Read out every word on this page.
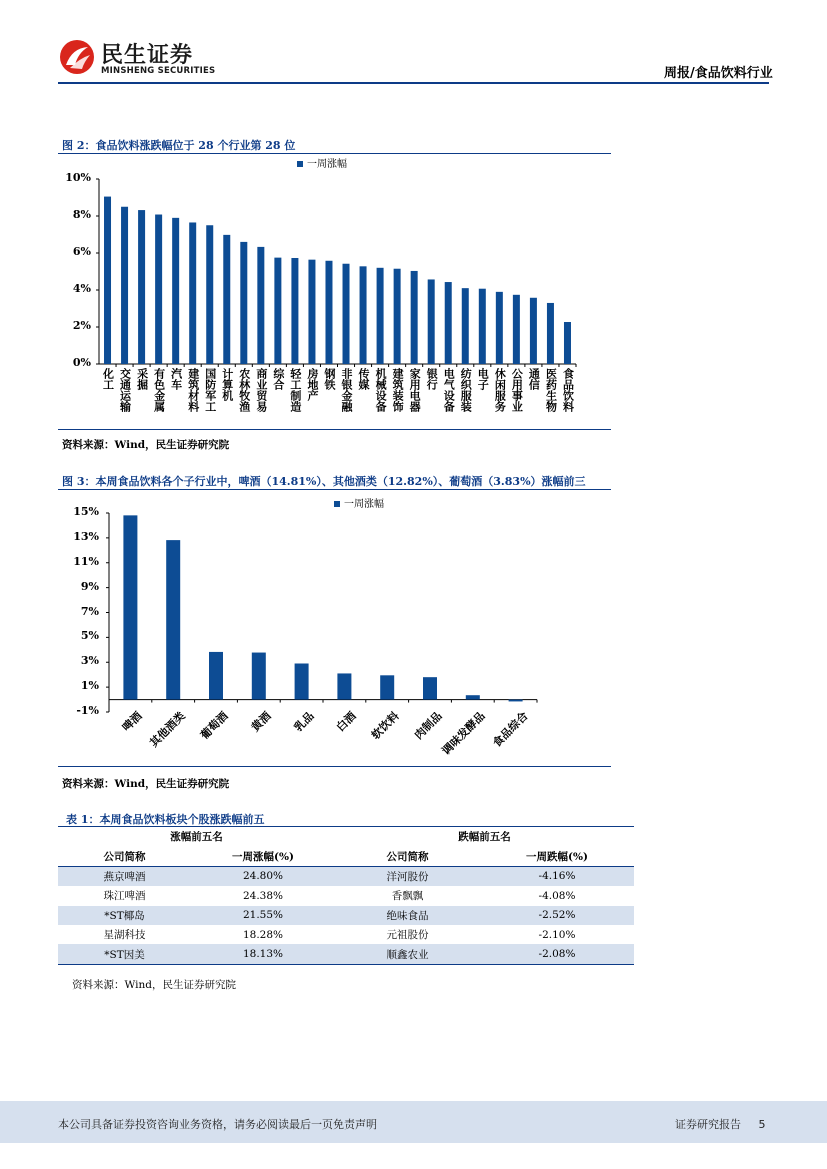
民生证券
MINSHENG SECURITIES	周报/食品饮料行业
图 2：食品饮料涨跌幅位于 28 个行业第 28 位
一周涨幅
0%
2%
4%
6%
8%
10%
化工 交通运输 采掘 有色金属 汽车 建筑材料 国防军工 计算机 农林牧渔 商业贸易 综合 轻工制造 房地产 钢铁 非银金融 传媒 机械设备 建筑装饰 家用电器 银行 电气设备 纺织服装 电子 休闲服务 公用事业 通信 医药生物 食品饮料
资料来源：Wind，民生证券研究院
图 3：本周食品饮料各个子行业中，啤酒（14.81%）、其他酒类（12.82%）、葡萄酒（3.83%）涨幅前三
一周涨幅
-1%
1%
3%
5%
7%
9%
11%
13%
15%
啤酒 其他酒类 葡萄酒 黄酒 乳品 白酒 软饮料 肉制品
调味发酵品 食品综合
资料来源：Wind，民生证券研究院
表 1：本周食品饮料板块个股涨跌幅前五
涨幅前五名		跌幅前五名	
公司简称	一周涨幅(%)	公司简称	一周跌幅(%)
燕京啤酒	24.80%	洋河股份	-4.16%
珠江啤酒	24.38%	香飘飘	-4.08%
*ST椰岛	21.55%	绝味食品	-2.52%
星湖科技	18.28%	元祖股份	-2.10%
*ST因美	18.13%	顺鑫农业	-2.08%
资料来源：Wind，民生证券研究院
本公司具备证券投资咨询业务资格，请务必阅读最后一页免责声明	证券研究报告 5
